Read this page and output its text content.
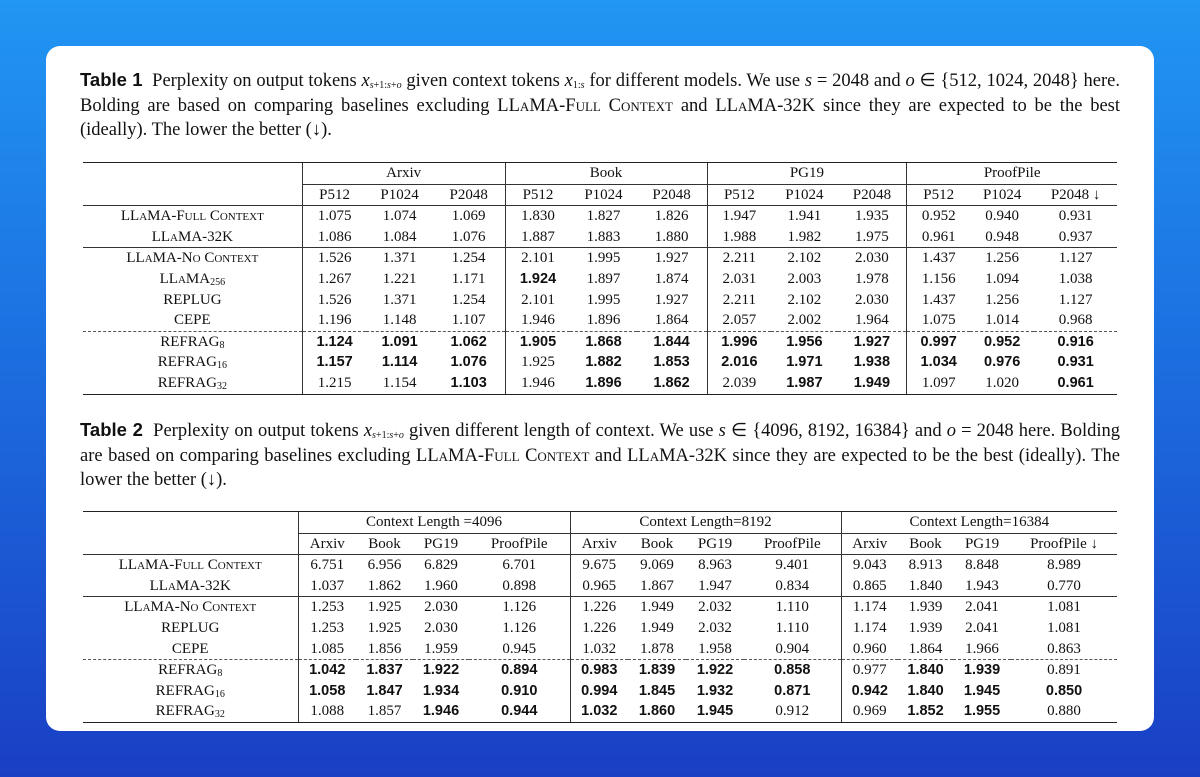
Table 1  Perplexity on output tokens $x_{s+1:s+o}$ given context tokens $x_{1:s}$ for different models. We use s = 2048 and o ∈ {512, 1024, 2048} here. Bolding are based on comparing baselines excluding LLaMA-Full Context and LLaMA-32K since they are expected to be the best (ideally). The lower the better (↓).
	Arxiv			Book			PG19			ProofPile		
	P512	P1024	P2048	P512	P1024	P2048	P512	P1024	P2048	P512	P1024	P2048 ↓
LLaMA-Full Context	1.075	1.074	1.069	1.830	1.827	1.826	1.947	1.941	1.935	0.952	0.940	0.931
LLaMA-32K	1.086	1.084	1.076	1.887	1.883	1.880	1.988	1.982	1.975	0.961	0.948	0.937
LLaMA-No Context	1.526	1.371	1.254	2.101	1.995	1.927	2.211	2.102	2.030	1.437	1.256	1.127
LLaMA$_{256}$	1.267	1.221	1.171	1.924	1.897	1.874	2.031	2.003	1.978	1.156	1.094	1.038
REPLUG	1.526	1.371	1.254	2.101	1.995	1.927	2.211	2.102	2.030	1.437	1.256	1.127
CEPE	1.196	1.148	1.107	1.946	1.896	1.864	2.057	2.002	1.964	1.075	1.014	0.968
$REFRAG_8$	1.124	1.091	1.062	1.905	1.868	1.844	1.996	1.956	1.927	0.997	0.952	0.916
$REFRAG_{16}$	1.157	1.114	1.076	1.925	1.882	1.853	2.016	1.971	1.938	1.034	0.976	0.931
$REFRAG_{32}$	1.215	1.154	1.103	1.946	1.896	1.862	2.039	1.987	1.949	1.097	1.020	0.961
Table 2  Perplexity on output tokens $x_{s+1:s+o}$ given different length of context. We use s ∈ {4096, 8192, 16384} and o = 2048 here. Bolding are based on comparing baselines excluding LLaMA-Full Context and LLaMA-32K since they are expected to be the best (ideally). The lower the better (↓).
	Context Length =4096				Context Length=8192				Context Length=16384			
	Arxiv	Book	PG19	ProofPile	Arxiv	Book	PG19	ProofPile	Arxiv	Book	PG19	ProofPile ↓
LLaMA-Full Context	6.751	6.956	6.829	6.701	9.675	9.069	8.963	9.401	9.043	8.913	8.848	8.989
LLaMA-32K	1.037	1.862	1.960	0.898	0.965	1.867	1.947	0.834	0.865	1.840	1.943	0.770
LLaMA-No Context	1.253	1.925	2.030	1.126	1.226	1.949	2.032	1.110	1.174	1.939	2.041	1.081
REPLUG	1.253	1.925	2.030	1.126	1.226	1.949	2.032	1.110	1.174	1.939	2.041	1.081
CEPE	1.085	1.856	1.959	0.945	1.032	1.878	1.958	0.904	0.960	1.864	1.966	0.863
$REFRAG_8$	1.042	1.837	1.922	0.894	0.983	1.839	1.922	0.858	0.977	1.840	1.939	0.891
$REFRAG_{16}$	1.058	1.847	1.934	0.910	0.994	1.845	1.932	0.871	0.942	1.840	1.945	0.850
$REFRAG_{32}$	1.088	1.857	1.946	0.944	1.032	1.860	1.945	0.912	0.969	1.852	1.955	0.880
